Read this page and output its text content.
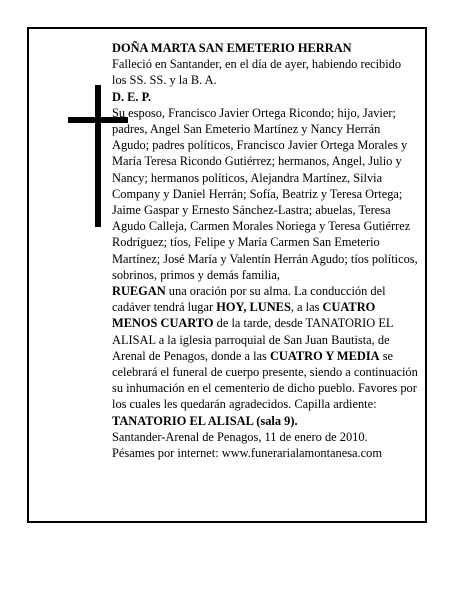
DOÑA MARTA SAN EMETERIO HERRAN

Falleció en Santander, en el día de ayer, habiendo recibido los SS. SS. y la B. A.

D. E. P.

Su esposo, Francisco Javier Ortega Ricondo; hijo, Javier; padres, Angel San Emeterio Martínez y Nancy Herrán Agudo; padres políticos, Francisco Javier Ortega Morales y María Teresa Ricondo Gutiérrez; hermanos, Angel, Julio y Nancy; hermanos políticos, Alejandra Martínez, Silvia Company y Daniel Herrán; Sofía, Beatriz y Teresa Ortega; Jaime Gaspar y Ernesto Sánchez-Lastra; abuelas, Teresa Agudo Calleja, Carmen Morales Noriega y Teresa Gutiérrez Rodríguez; tíos, Felipe y María Carmen San Emeterio Martínez; José María y Valentín Herrán Agudo; tíos políticos, sobrinos, primos y demás familia,

RUEGAN una oración por su alma. La conducción del cadáver tendrá lugar HOY, LUNES, a las CUATRO MENOS CUARTO de la tarde, desde TANATORIO EL ALISAL a la iglesia parroquial de San Juan Bautista, de Arenal de Penagos, donde a las CUATRO Y MEDIA se celebrará el funeral de cuerpo presente, siendo a continuación su inhumación en el cementerio de dicho pueblo. Favores por los cuales les quedarán agradecidos. Capilla ardiente: TANATORIO EL ALISAL (sala 9).

Santander-Arenal de Penagos, 11 de enero de 2010.

Pésames por internet: www.funerarialamontanesa.com
